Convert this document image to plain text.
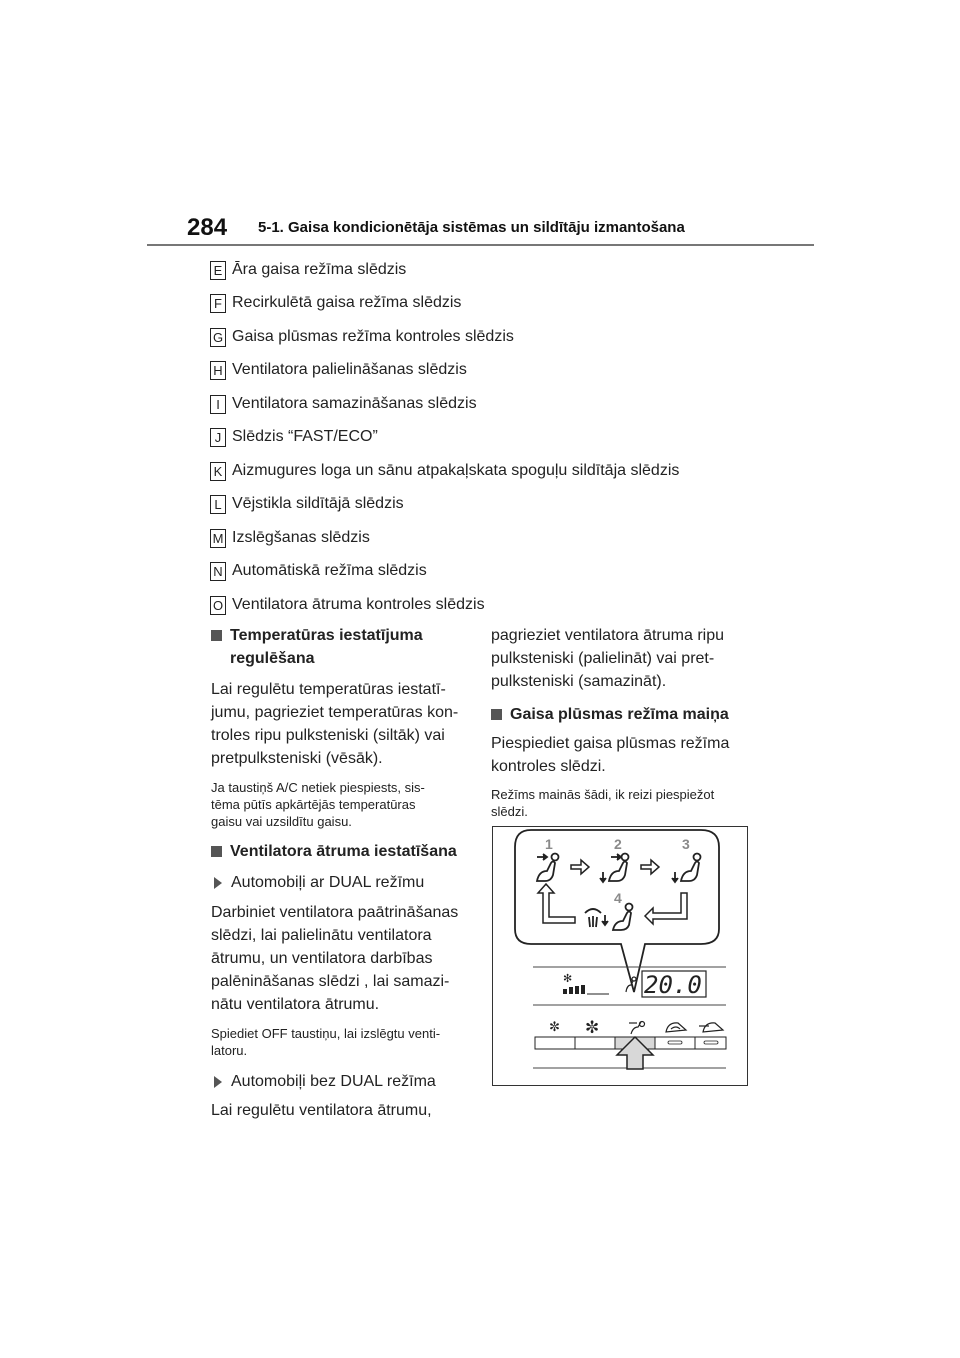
284 5-1. Gaisa kondicionētāja sistēmas un sildītāju izmantošana
E Āra gaisa režīma slēdzis
F Recirkulētā gaisa režīma slēdzis
G Gaisa plūsmas režīma kontroles slēdzis
H Ventilatora palielināšanas slēdzis
I Ventilatora samazināšanas slēdzis
J Slēdzis “FAST/ECO”
K Aizmugures loga un sānu atpakaļskata spoguļu sildītāja slēdzis
L Vējstikla sildītājā slēdzis
M Izslēgšanas slēdzis
N Automātiskā režīma slēdzis
O Ventilatora ātruma kontroles slēdzis
Temperatūras iestatījuma
regulēšana

Lai regulētu temperatūras iestatī-
jumu, pagrieziet temperatūras kon-
troles ripu pulksteniski (siltāk) vai
pretpulksteniski (vēsāk).

Ja taustiņš A/C netiek piespiests, sis-
tēma pūtīs apkārtējās temperatūras
gaisu vai uzsildītu gaisu.

Ventilatora ātruma iestatīšana
Automobiļi ar DUAL režīmu

Darbiniet ventilatora paātrināšanas
slēdzi, lai palielinātu ventilatora
ātrumu, un ventilatora darbības
palēnināšanas slēdzi , lai samazi-
nātu ventilatora ātrumu.

Spiediet OFF taustiņu, lai izslēgtu venti-
latoru.

Automobiļi bez DUAL režīma

Lai regulētu ventilatora ātrumu,

pagrieziet ventilatora ātruma ripu
pulksteniski (palielināt) vai pret-
pulksteniski (samazināt).

Gaisa plūsmas režīma maiņa

Piespiediet gaisa plūsmas režīma
kontroles slēdzi.

Režīms mainās šādi, ik reizi piespiežot
slēdzi.

1	2	3
4
✻	20.0
✼ ✼
